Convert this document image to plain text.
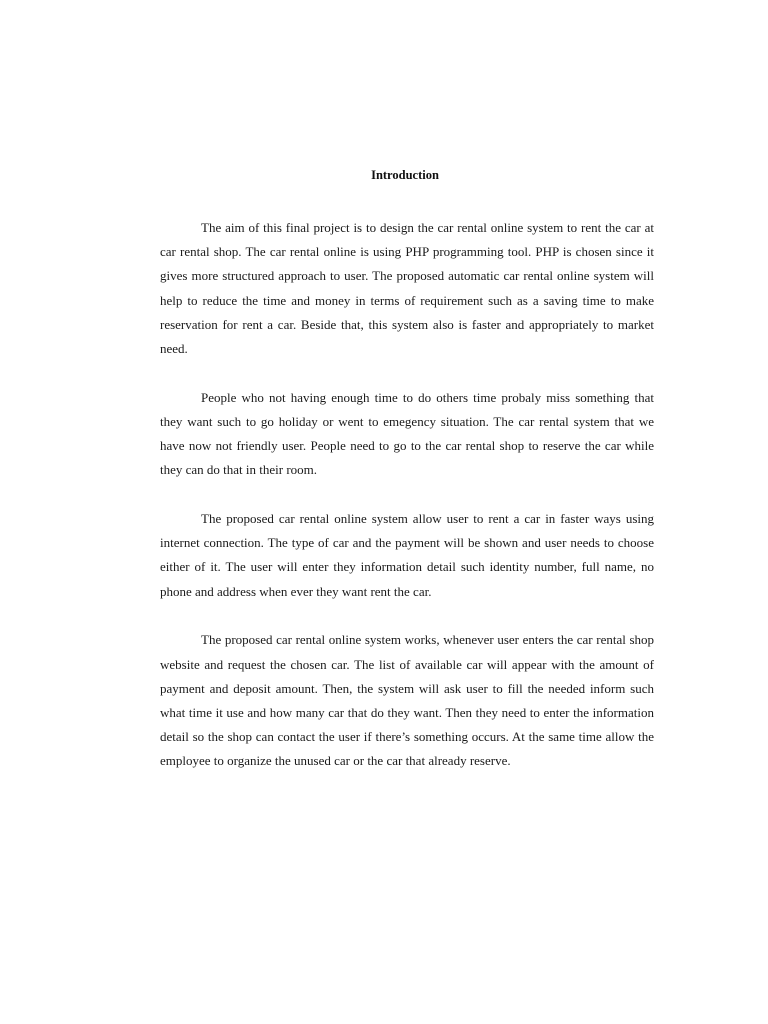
Introduction

The aim of this final project is to design the car rental online system to rent the car at car rental shop. The car rental online is using PHP programming tool. PHP is chosen since it gives more structured approach to user. The proposed automatic car rental online system will help to reduce the time and money in terms of requirement such as a saving time to make reservation for rent a car. Beside that, this system also is faster and appropriately to market need.

People who not having enough time to do others time probaly miss something that they want such to go holiday or went to emegency situation. The car rental system that we have now not friendly user. People need to go to the car rental shop to reserve the car while they can do that in their room.

The proposed car rental online system allow user to rent a car in faster ways using internet connection. The type of car and the payment will be shown and user needs to choose either of it. The user will enter they information detail such identity number, full name, no phone and address when ever they want rent the car.

The proposed car rental online system works, whenever user enters the car rental shop website and request the chosen car. The list of available car will appear with the amount of payment and deposit amount. Then, the system will ask user to fill the needed inform such what time it use and how many car that do they want. Then they need to enter the information detail so the shop can contact the user if there’s something occurs. At the same time allow the employee to organize the unused car or the car that already reserve.
